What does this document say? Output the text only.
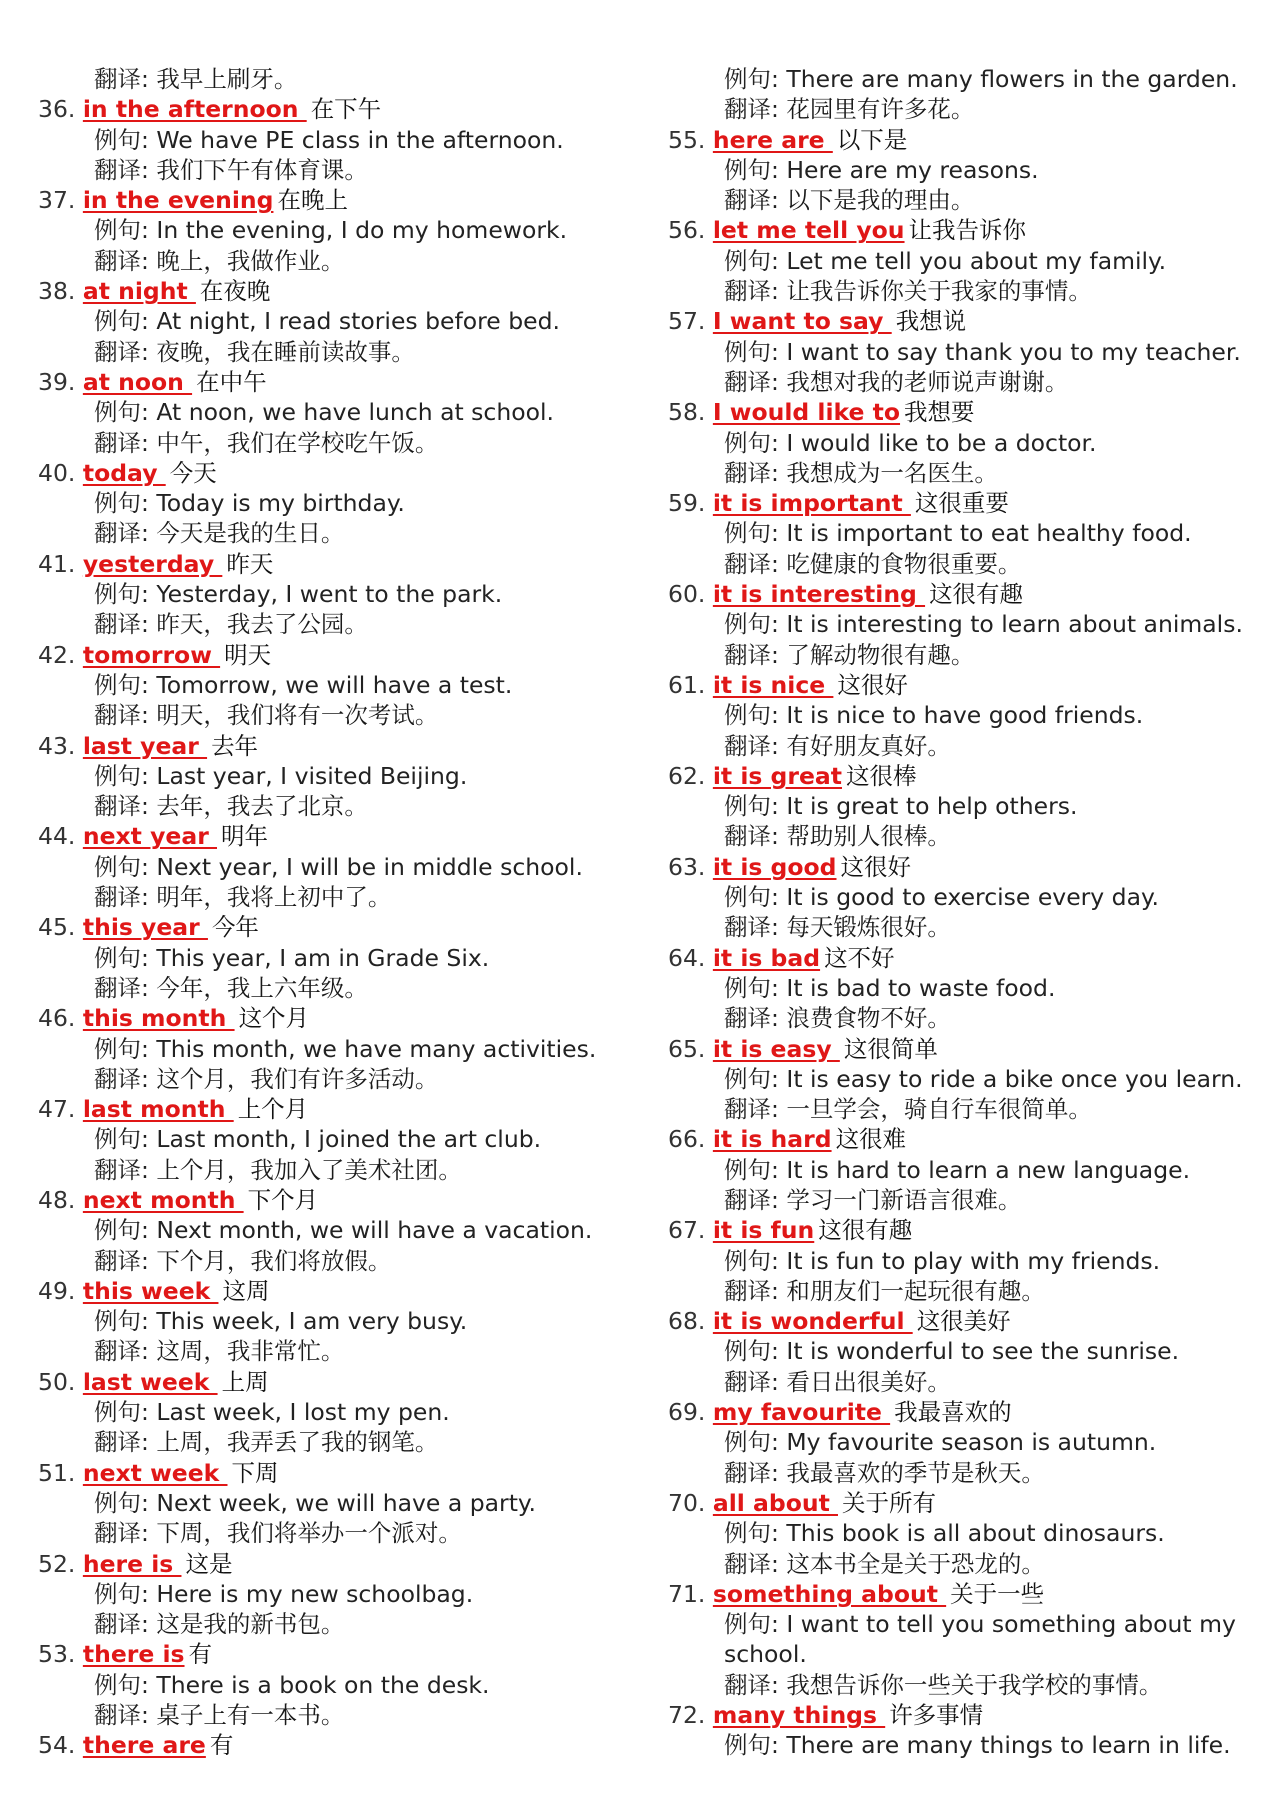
翻译: 我早上刷牙。
36. in the afternoon 在下午
例句: We have PE class in the afternoon.
翻译: 我们下午有体育课。
37. in the evening 在晚上
例句: In the evening, I do my homework.
翻译: 晚上，我做作业。
38. at night 在夜晚
例句: At night, I read stories before bed.
翻译: 夜晚，我在睡前读故事。
39. at noon 在中午
例句: At noon, we have lunch at school.
翻译: 中午，我们在学校吃午饭。
40. today 今天
例句: Today is my birthday.
翻译: 今天是我的生日。
41. yesterday 昨天
例句: Yesterday, I went to the park.
翻译: 昨天，我去了公园。
42. tomorrow 明天
例句: Tomorrow, we will have a test.
翻译: 明天，我们将有一次考试。
43. last year 去年
例句: Last year, I visited Beijing.
翻译: 去年，我去了北京。
44. next year 明年
例句: Next year, I will be in middle school.
翻译: 明年，我将上初中了。
45. this year 今年
例句: This year, I am in Grade Six.
翻译: 今年，我上六年级。
46. this month 这个月
例句: This month, we have many activities.
翻译: 这个月，我们有许多活动。
47. last month 上个月
例句: Last month, I joined the art club.
翻译: 上个月，我加入了美术社团。
48. next month 下个月
例句: Next month, we will have a vacation.
翻译: 下个月，我们将放假。
49. this week 这周
例句: This week, I am very busy.
翻译: 这周，我非常忙。
50. last week 上周
例句: Last week, I lost my pen.
翻译: 上周，我弄丢了我的钢笔。
51. next week 下周
例句: Next week, we will have a party.
翻译: 下周，我们将举办一个派对。
52. here is 这是
例句: Here is my new schoolbag.
翻译: 这是我的新书包。
53. there is 有
例句: There is a book on the desk.
翻译: 桌子上有一本书。
54. there are 有
例句: There are many flowers in the garden.
翻译: 花园里有许多花。
55. here are 以下是
例句: Here are my reasons.
翻译: 以下是我的理由。
56. let me tell you 让我告诉你
例句: Let me tell you about my family.
翻译: 让我告诉你关于我家的事情。
57. I want to say 我想说
例句: I want to say thank you to my teacher.
翻译: 我想对我的老师说声谢谢。
58. I would like to 我想要
例句: I would like to be a doctor.
翻译: 我想成为一名医生。
59. it is important 这很重要
例句: It is important to eat healthy food.
翻译: 吃健康的食物很重要。
60. it is interesting 这很有趣
例句: It is interesting to learn about animals.
翻译: 了解动物很有趣。
61. it is nice 这很好
例句: It is nice to have good friends.
翻译: 有好朋友真好。
62. it is great 这很棒
例句: It is great to help others.
翻译: 帮助别人很棒。
63. it is good 这很好
例句: It is good to exercise every day.
翻译: 每天锻炼很好。
64. it is bad 这不好
例句: It is bad to waste food.
翻译: 浪费食物不好。
65. it is easy 这很简单
例句: It is easy to ride a bike once you learn.
翻译: 一旦学会，骑自行车很简单。
66. it is hard 这很难
例句: It is hard to learn a new language.
翻译: 学习一门新语言很难。
67. it is fun 这很有趣
例句: It is fun to play with my friends.
翻译: 和朋友们一起玩很有趣。
68. it is wonderful 这很美好
例句: It is wonderful to see the sunrise.
翻译: 看日出很美好。
69. my favourite 我最喜欢的
例句: My favourite season is autumn.
翻译: 我最喜欢的季节是秋天。
70. all about 关于所有
例句: This book is all about dinosaurs.
翻译: 这本书全是关于恐龙的。
71. something about 关于一些
例句: I want to tell you something about my
school.
翻译: 我想告诉你一些关于我学校的事情。
72. many things 许多事情
例句: There are many things to learn in life.
